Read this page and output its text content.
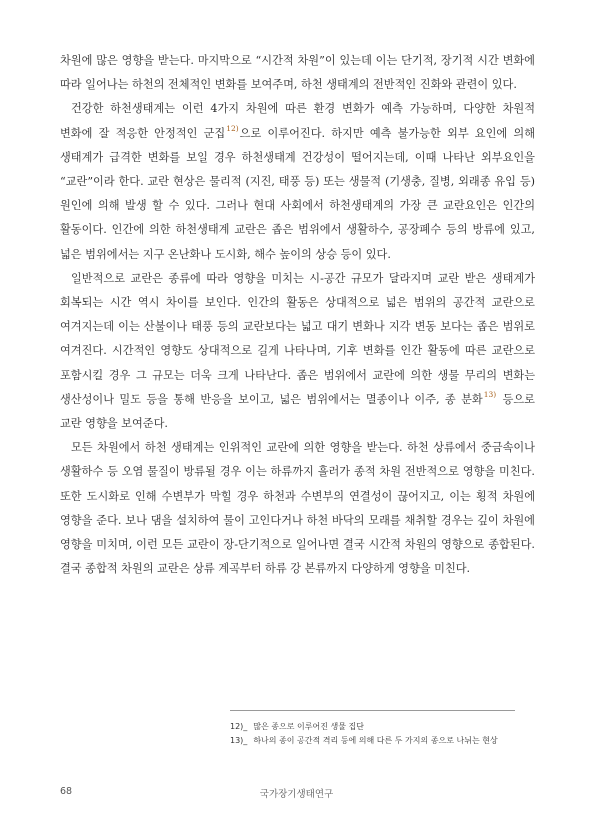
차원에 많은 영향을 받는다. 마지막으로 “시간적 차원”이 있는데 이는 단기적, 장기적 시간 변화에 따라 일어나는 하천의 전체적인 변화를 보여주며, 하천 생태계의 전반적인 진화와 관련이 있다.

건강한 하천생태계는 이런 4가지 차원에 따른 환경 변화가 예측 가능하며, 다양한 차원적 변화에 잘 적응한 안정적인 군집$^{12)}$으로 이루어진다. 하지만 예측 불가능한 외부 요인에 의해 생태계가 급격한 변화를 보일 경우 하천생태계 건강성이 떨어지는데, 이때 나타난 외부요인을 “교란”이라 한다. 교란 현상은 물리적 (지진, 태풍 등) 또는 생물적 (기생충, 질병, 외래종 유입 등) 원인에 의해 발생 할 수 있다. 그러나 현대 사회에서 하천생태계의 가장 큰 교란요인은 인간의 활동이다. 인간에 의한 하천생태계 교란은 좁은 범위에서 생활하수, 공장폐수 등의 방류에 있고, 넓은 범위에서는 지구 온난화나 도시화, 해수 높이의 상승 등이 있다.

일반적으로 교란은 종류에 따라 영향을 미치는 시-공간 규모가 달라지며 교란 받은 생태계가 회복되는 시간 역시 차이를 보인다. 인간의 활동은 상대적으로 넓은 범위의 공간적 교란으로 여겨지는데 이는 산불이나 태풍 등의 교란보다는 넓고 대기 변화나 지각 변동 보다는 좁은 범위로 여겨진다. 시간적인 영향도 상대적으로 길게 나타나며, 기후 변화를 인간 활동에 따른 교란으로 포함시킬 경우 그 규모는 더욱 크게 나타난다. 좁은 범위에서 교란에 의한 생물 무리의 변화는 생산성이나 밀도 등을 통해 반응을 보이고, 넓은 범위에서는 멸종이나 이주, 종 분화$^{13)}$ 등으로 교란 영향을 보여준다.

모든 차원에서 하천 생태계는 인위적인 교란에 의한 영향을 받는다. 하천 상류에서 중금속이나 생활하수 등 오염 물질이 방류될 경우 이는 하류까지 흘러가 종적 차원 전반적으로 영향을 미친다. 또한 도시화로 인해 수변부가 막힐 경우 하천과 수변부의 연결성이 끊어지고, 이는 횡적 차원에 영향을 준다. 보나 댐을 설치하여 물이 고인다거나 하천 바닥의 모래를 채취할 경우는 깊이 차원에 영향을 미치며, 이런 모든 교란이 장-단기적으로 일어나면 결국 시간적 차원의 영향으로 종합된다. 결국 종합적 차원의 교란은 상류 계곡부터 하류 강 본류까지 다양하게 영향을 미친다.

12)_ 많은 종으로 이루어진 생물 집단
13)_ 하나의 종이 공간적 격리 등에 의해 다른 두 가지의 종으로 나뉘는 현상
68	국가장기생태연구
